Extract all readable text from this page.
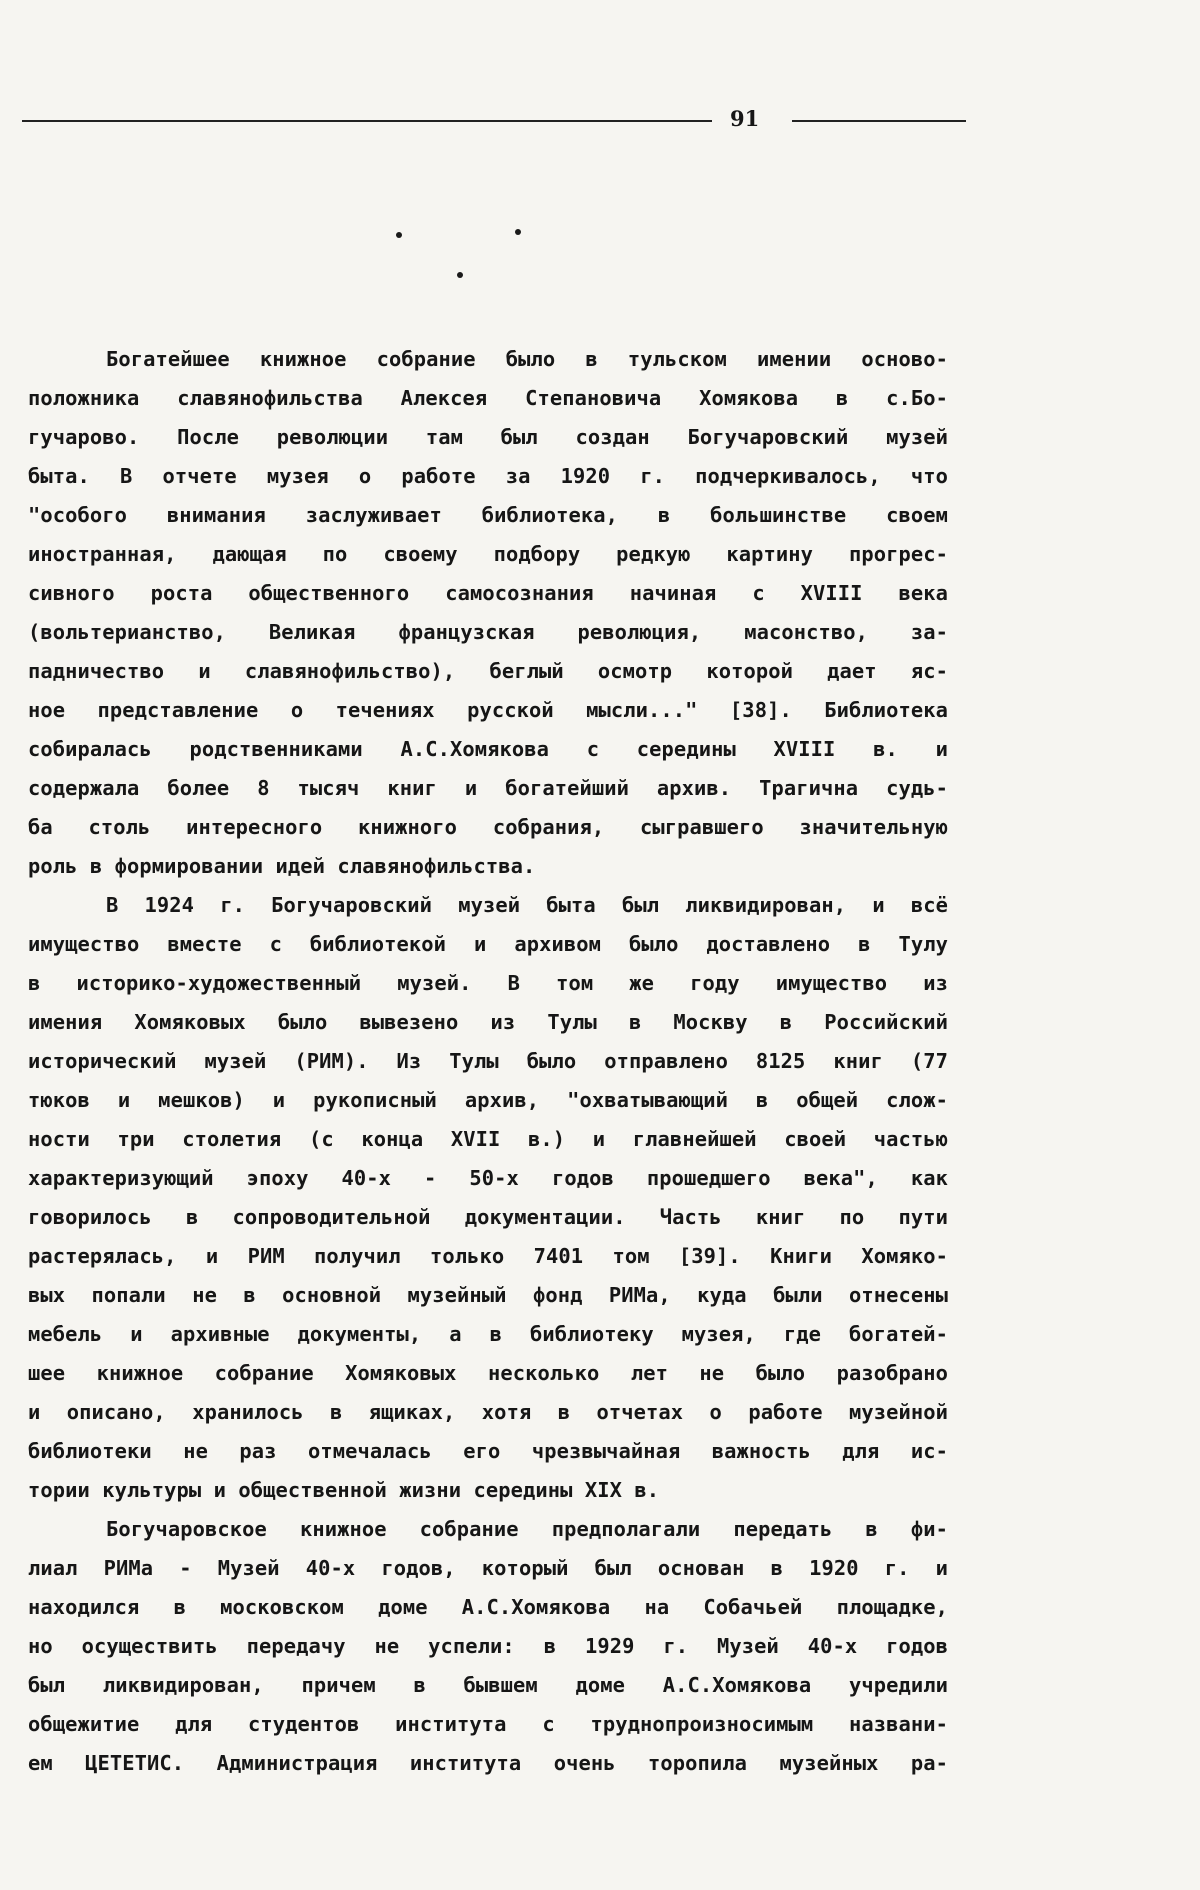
91
Богатейшее книжное собрание было в тульском имении осново-
положника славянофильства Алексея Степановича Хомякова в с.Бо-
гучарово. После революции там был создан Богучаровский музей
быта. В отчете музея о работе за 1920 г. подчеркивалось, что
"особого внимания заслуживает библиотека, в большинстве своем
иностранная, дающая по своему подбору редкую картину прогрес-
сивного роста общественного самосознания начиная с XVIII века
(вольтерианство, Великая французская революция, масонство, за-
падничество и славянофильство), беглый осмотр которой дает яс-
ное представление о течениях русской мысли..." [38]. Библиотека
собиралась родственниками А.С.Хомякова с середины XVIII в. и
содержала более 8 тысяч книг и богатейший архив. Трагична судь-
ба столь интересного книжного собрания, сыгравшего значительную
роль в формировании идей славянофильства.
В 1924 г. Богучаровский музей быта был ликвидирован, и всё
имущество вместе с библиотекой и архивом было доставлено в Тулу
в историко-художественный музей. В том же году имущество из
имения Хомяковых было вывезено из Тулы в Москву в Российский
исторический музей (РИМ). Из Тулы было отправлено 8125 книг (77
тюков и мешков) и рукописный архив, "охватывающий в общей слож-
ности три столетия (с конца XVII в.) и главнейшей своей частью
характеризующий эпоху 40-х - 50-х годов прошедшего века", как
говорилось в сопроводительной документации. Часть книг по пути
растерялась, и РИМ получил только 7401 том [39]. Книги Хомяко-
вых попали не в основной музейный фонд РИМа, куда были отнесены
мебель и архивные документы, а в библиотеку музея, где богатей-
шее книжное собрание Хомяковых несколько лет не было разобрано
и описано, хранилось в ящиках, хотя в отчетах о работе музейной
библиотеки не раз отмечалась его чрезвычайная важность для ис-
тории культуры и общественной жизни середины XIX в.
Богучаровское книжное собрание предполагали передать в фи-
лиал РИМа - Музей 40-х годов, который был основан в 1920 г. и
находился в московском доме А.С.Хомякова на Собачьей площадке,
но осуществить передачу не успели: в 1929 г. Музей 40-х годов
был ликвидирован, причем в бывшем доме А.С.Хомякова учредили
общежитие для студентов института с труднопроизносимым названи-
ем ЦЕТЕТИС. Администрация института очень торопила музейных ра-
